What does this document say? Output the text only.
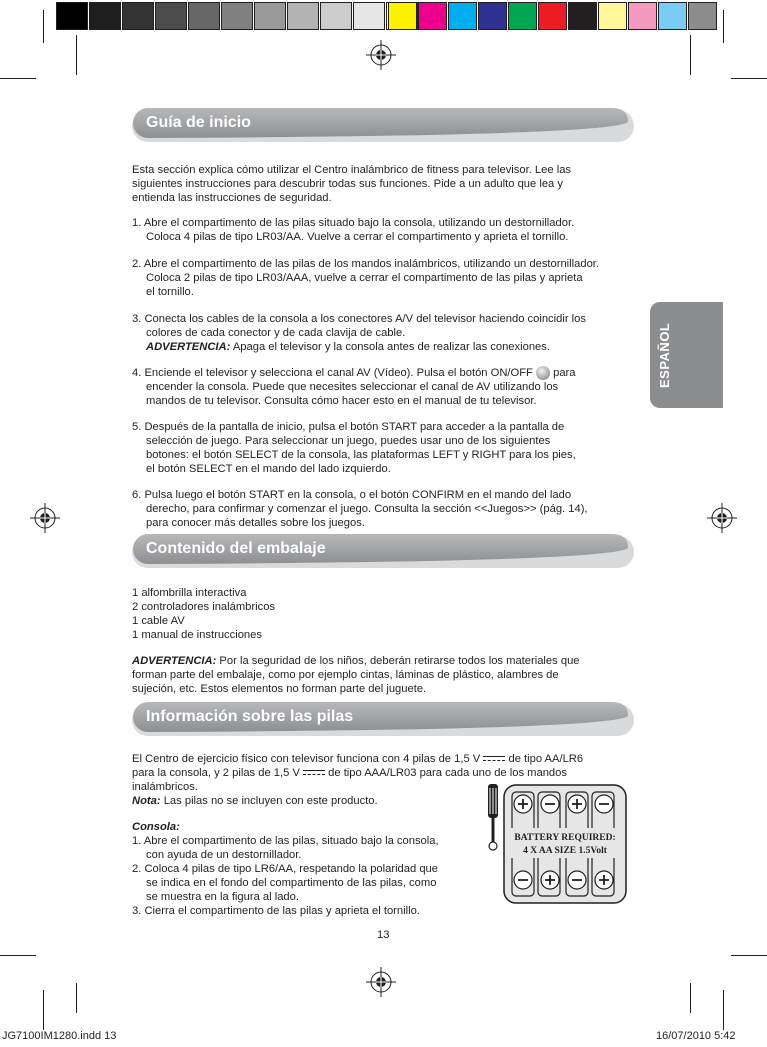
ESPAÑOL
Guía de inicio

Esta sección explica cómo utilizar el Centro inalámbrico de fitness para televisor. Lee las

siguientes instrucciones para descubrir todas sus funciones. Pide a un adulto que lea y

entienda las instrucciones de seguridad.

1. Abre el compartimento de las pilas situado bajo la consola, utilizando un destornillador.

Coloca 4 pilas de tipo LR03/AA. Vuelve a cerrar el compartimento y aprieta el tornillo.

2. Abre el compartimento de las pilas de los mandos inalámbricos, utilizando un destornillador.

Coloca 2 pilas de tipo LR03/AAA, vuelve a cerrar el compartimento de las pilas y aprieta

el tornillo.

3. Conecta los cables de la consola a los conectores A/V del televisor haciendo coincidir los

colores de cada conector y de cada clavija de cable.

ADVERTENCIA: Apaga el televisor y la consola antes de realizar las conexiones.

4. Enciende el televisor y selecciona el canal AV (Vídeo). Pulsa el botón ON/OFF  para

encender la consola. Puede que necesites seleccionar el canal de AV utilizando los

mandos de tu televisor. Consulta cómo hacer esto en el manual de tu televisor.

5. Después de la pantalla de inicio, pulsa el botón START para acceder a la pantalla de

selección de juego. Para seleccionar un juego, puedes usar uno de los siguientes

botones: el botón SELECT de la consola, las plataformas LEFT y RIGHT para los pies,

el botón SELECT en el mando del lado izquierdo.

6. Pulsa luego el botón START en la consola, o el botón CONFIRM en el mando del lado

derecho, para confirmar y comenzar el juego. Consulta la sección <<Juegos>> (pág. 14),

para conocer más detalles sobre los juegos.

Contenido del embalaje

1 alfombrilla interactiva

2 controladores inalámbricos

1 cable AV

1 manual de instrucciones

ADVERTENCIA: Por la seguridad de los niños, deberán retirarse todos los materiales que

forman parte del embalaje, como por ejemplo cintas, láminas de plástico, alambres de

sujeción, etc. Estos elementos no forman parte del juguete.

Información sobre las pilas

El Centro de ejercicio físico con televisor funciona con 4 pilas de 1,5 V  de tipo AA/LR6

para la consola, y 2 pilas de 1,5 V  de tipo AAA/LR03 para cada uno de los mandos

inalámbricos.

Nota: Las pilas no se incluyen con este producto.

Consola:

1. Abre el compartimento de las pilas, situado bajo la consola,

con ayuda de un destornillador.

2. Coloca 4 pilas de tipo LR6/AA, respetando la polaridad que

se indica en el fondo del compartimento de las pilas, como

se muestra en la figura al lado.

3. Cierra el compartimento de las pilas y aprieta el tornillo.

BATTERY REQUIRED:
4 X AA SIZE 1.5Volt
13
JG7100IM1280.indd 13	16/07/2010 5:42
